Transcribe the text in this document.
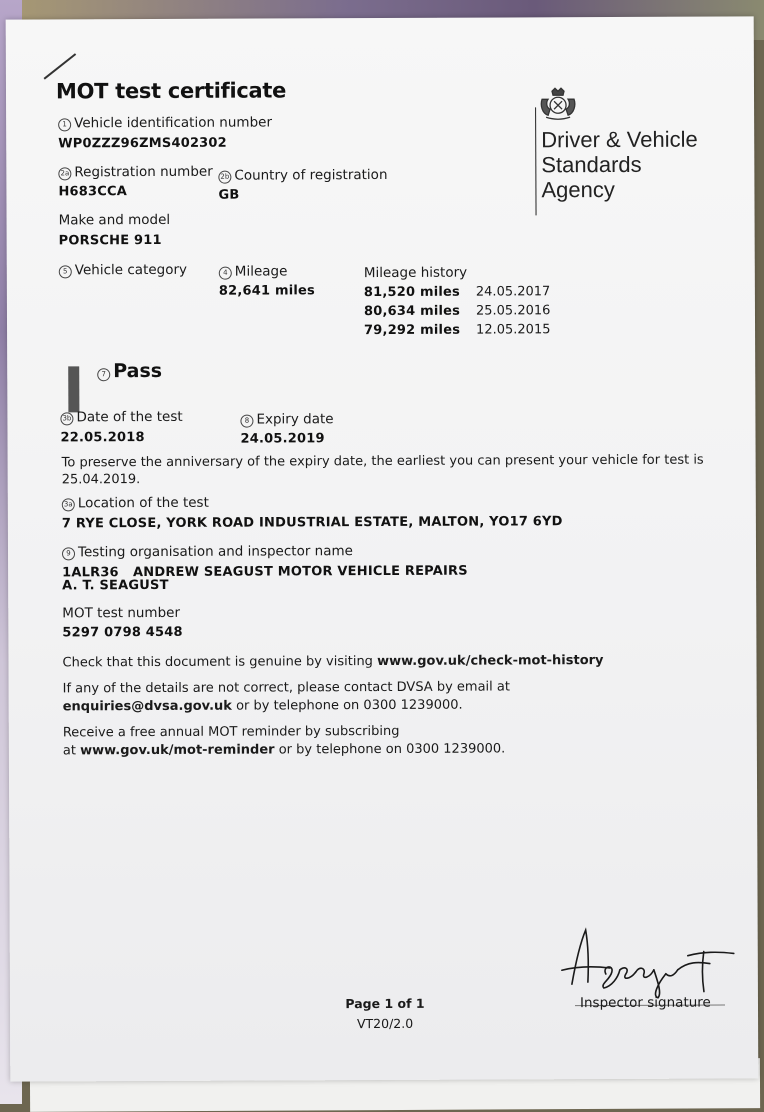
MOT test certificate
Driver & Vehicle
Standards
Agency
1 Vehicle identification number
WP0ZZZ96ZMS402302
2a Registration number
H683CCA
2b Country of registration
GB
Make and model
PORSCHE 911
5 Vehicle category	4 Mileage
82,641 miles
Mileage history
81,520 miles 24.05.2017
80,634 miles 25.05.2016
79,292 miles 12.05.2015
7 Pass
3b Date of the test
22.05.2018
8 Expiry date
24.05.2019
To preserve the anniversary of the expiry date, the earliest you can present your vehicle for test is
25.04.2019.
3a Location of the test
7 RYE CLOSE, YORK ROAD INDUSTRIAL ESTATE, MALTON, YO17 6YD
9 Testing organisation and inspector name
1ALR36   ANDREW SEAGUST MOTOR VEHICLE REPAIRS
A. T. SEAGUST
MOT test number
5297 0798 4548
Check that this document is genuine by visiting www.gov.uk/check-mot-history
If any of the details are not correct, please contact DVSA by email at
enquiries@dvsa.gov.uk or by telephone on 0300 1239000.
Receive a free annual MOT reminder by subscribing
at www.gov.uk/mot-reminder or by telephone on 0300 1239000.
Inspector signature
Page 1 of 1
VT20/2.0
